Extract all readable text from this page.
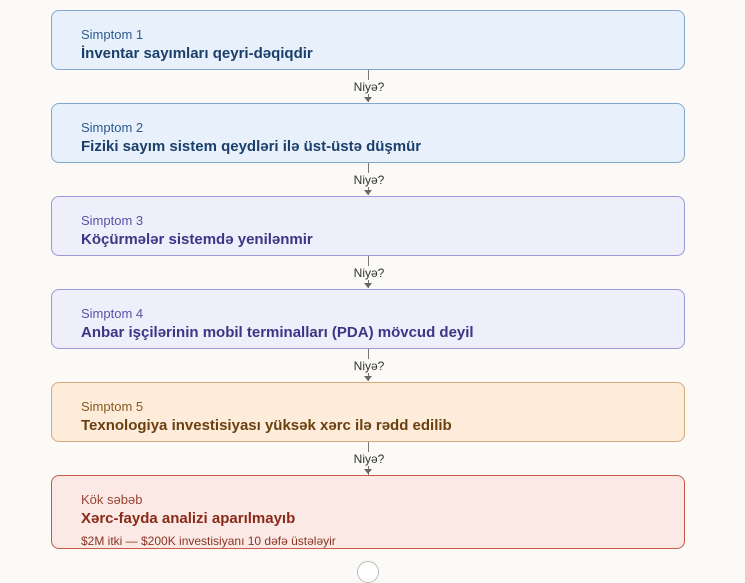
Simptom 1
İnventar sayımları qeyri-dəqiqdir
Niyə?
Simptom 2
Fiziki sayım sistem qeydləri ilə üst-üstə düşmür
Niyə?
Simptom 3
Köçürmələr sistemdə yenilənmir
Niyə?
Simptom 4
Anbar işçilərinin mobil terminalları (PDA) mövcud deyil
Niyə?
Simptom 5
Texnologiya investisiyası yüksək xərc ilə rədd edilib
Niyə?
Kök səbəb
Xərc-fayda analizi aparılmayıb
$2M itki — $200K investisiyanı 10 dəfə üstələyir
